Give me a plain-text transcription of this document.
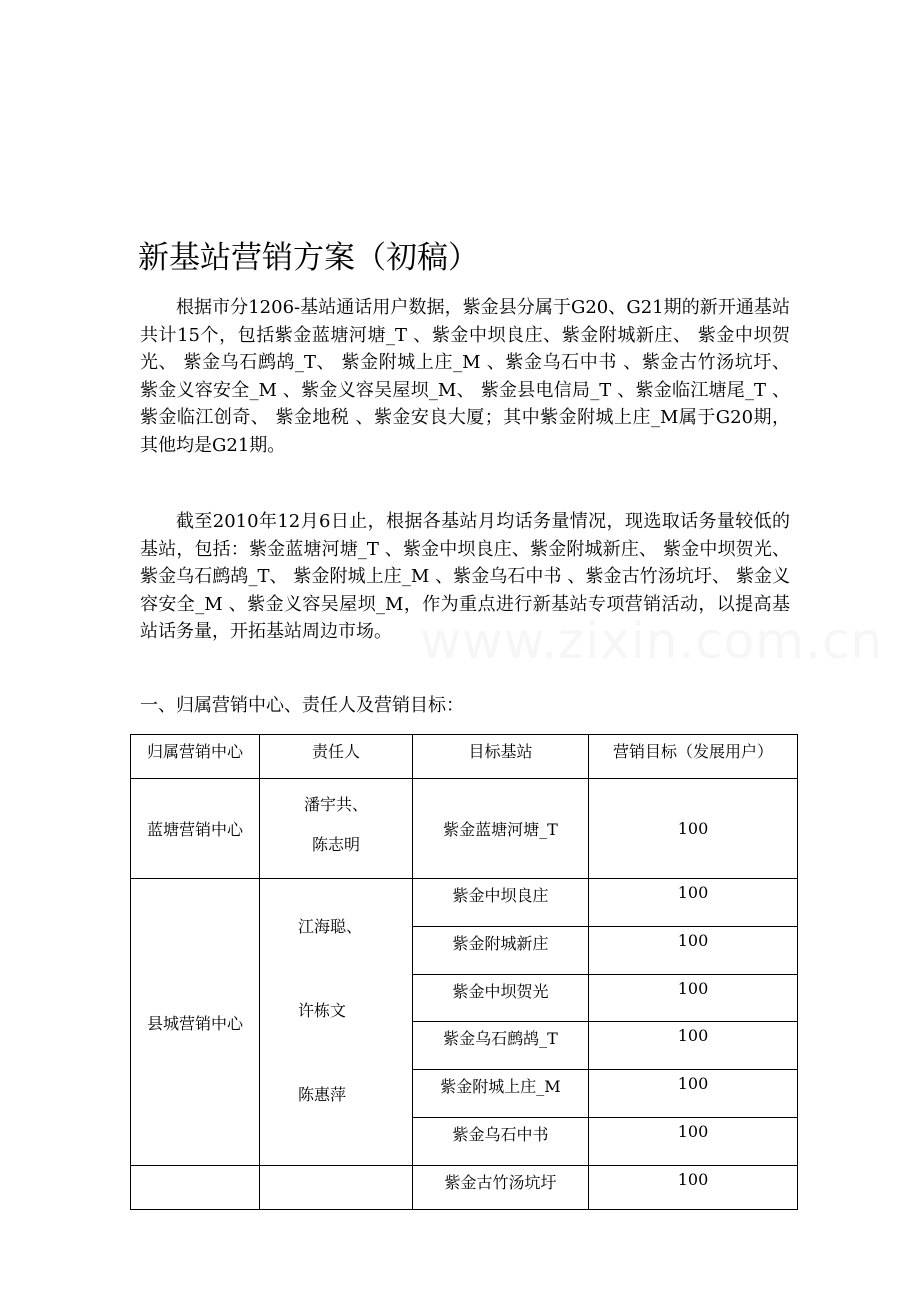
www.zixin.com.cn
新基站营销方案（初稿）

根据市分1206-基站通话用户数据，紫金县分属于G20、G21期的新开通基站共计15个，包括紫金蓝塘河塘_T 、紫金中坝良庄、紫金附城新庄、 紫金中坝贺光、 紫金乌石鹧鸪_T、 紫金附城上庄_M 、紫金乌石中书 、紫金古竹汤坑圩、 紫金义容安全_M 、紫金义容吴屋坝_M、 紫金县电信局_T 、紫金临江塘尾_T 、紫金临江创奇、 紫金地税 、紫金安良大厦；其中紫金附城上庄_M属于G20期，其他均是G21期。

截至2010年12月6日止，根据各基站月均话务量情况，现选取话务量较低的基站，包括：紫金蓝塘河塘_T 、紫金中坝良庄、紫金附城新庄、 紫金中坝贺光、 紫金乌石鹧鸪_T、 紫金附城上庄_M 、紫金乌石中书 、紫金古竹汤坑圩、 紫金义容安全_M 、紫金义容吴屋坝_M，作为重点进行新基站专项营销活动，以提高基站话务量，开拓基站周边市场。

一、归属营销中心、责任人及营销目标：
归属营销中心	责任人	目标基站	营销目标（发展用户）
蓝塘营销中心	潘宇共、
陈志明	紫金蓝塘河塘_T	100
县城营销中心	江海聪、
许栋文
陈惠萍	紫金中坝良庄	100
		紫金附城新庄	100
		紫金中坝贺光	100
		紫金乌石鹧鸪_T	100
		紫金附城上庄_M	100
		紫金乌石中书	100
		紫金古竹汤坑圩	100
